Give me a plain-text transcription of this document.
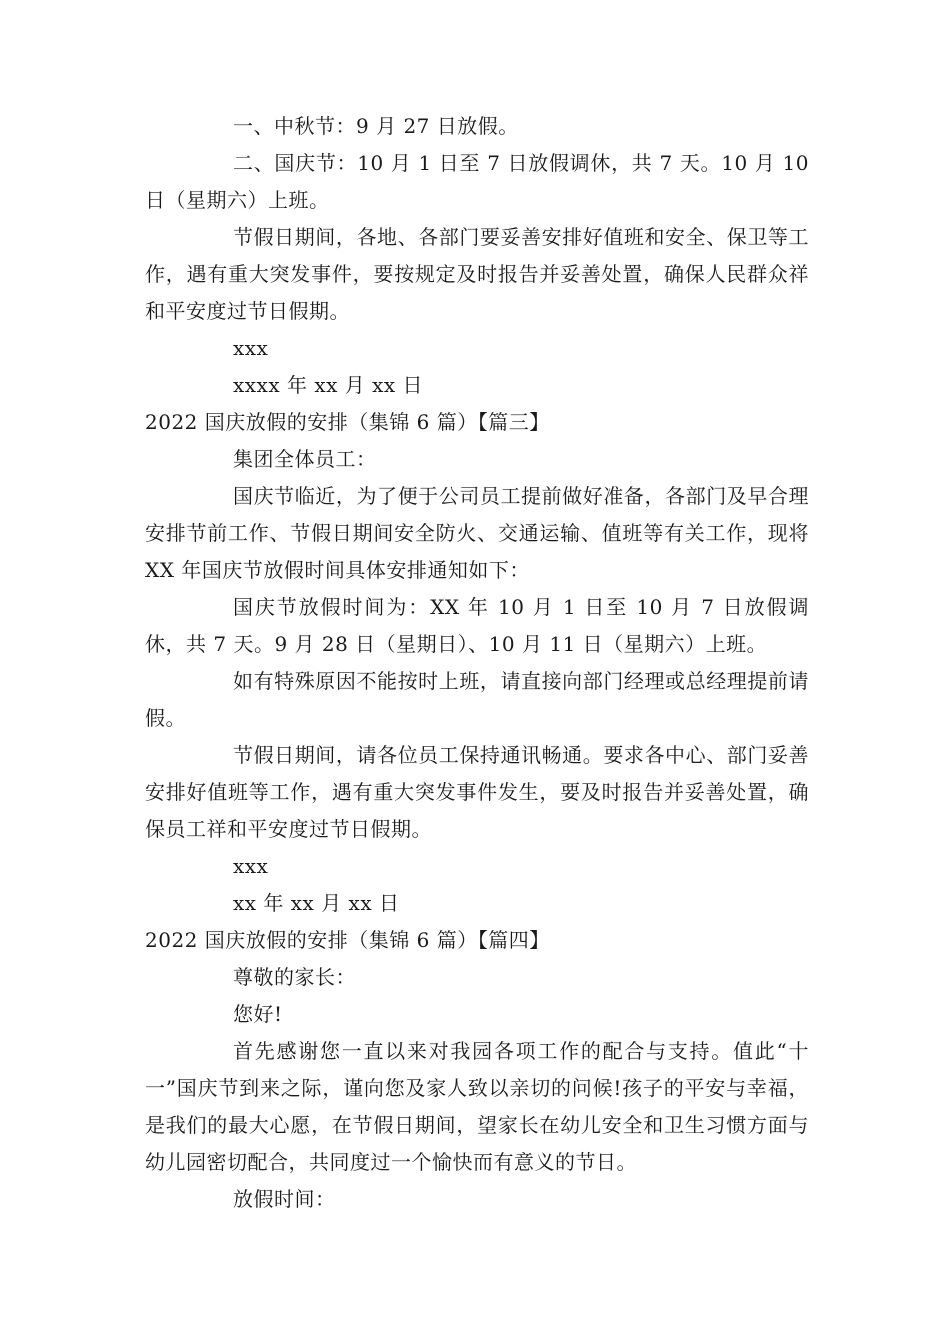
一、中秋节：9 月 27 日放假。

二、国庆节：10 月 1 日至 7 日放假调休，共 7 天。10 月 10 日（星期六）上班。

节假日期间，各地、各部门要妥善安排好值班和安全、保卫等工作，遇有重大突发事件，要按规定及时报告并妥善处置，确保人民群众祥和平安度过节日假期。

xxx

xxxx 年 xx 月 xx 日

2022 国庆放假的安排（集锦 6 篇）【篇三】

集团全体员工：

国庆节临近，为了便于公司员工提前做好准备，各部门及早合理安排节前工作、节假日期间安全防火、交通运输、值班等有关工作，现将 XX 年国庆节放假时间具体安排通知如下：

国庆节放假时间为：XX 年 10 月 1 日至 10 月 7 日放假调休，共 7 天。9 月 28 日（星期日）、10 月 11 日（星期六）上班。

如有特殊原因不能按时上班，请直接向部门经理或总经理提前请假。

节假日期间，请各位员工保持通讯畅通。要求各中心、部门妥善安排好值班等工作，遇有重大突发事件发生，要及时报告并妥善处置，确保员工祥和平安度过节日假期。

xxx

xx 年 xx 月 xx 日

2022 国庆放假的安排（集锦 6 篇）【篇四】

尊敬的家长：

您好!

首先感谢您一直以来对我园各项工作的配合与支持。值此“十一”国庆节到来之际，谨向您及家人致以亲切的问候!孩子的平安与幸福，是我们的最大心愿，在节假日期间，望家长在幼儿安全和卫生习惯方面与幼儿园密切配合，共同度过一个愉快而有意义的节日。

放假时间：
